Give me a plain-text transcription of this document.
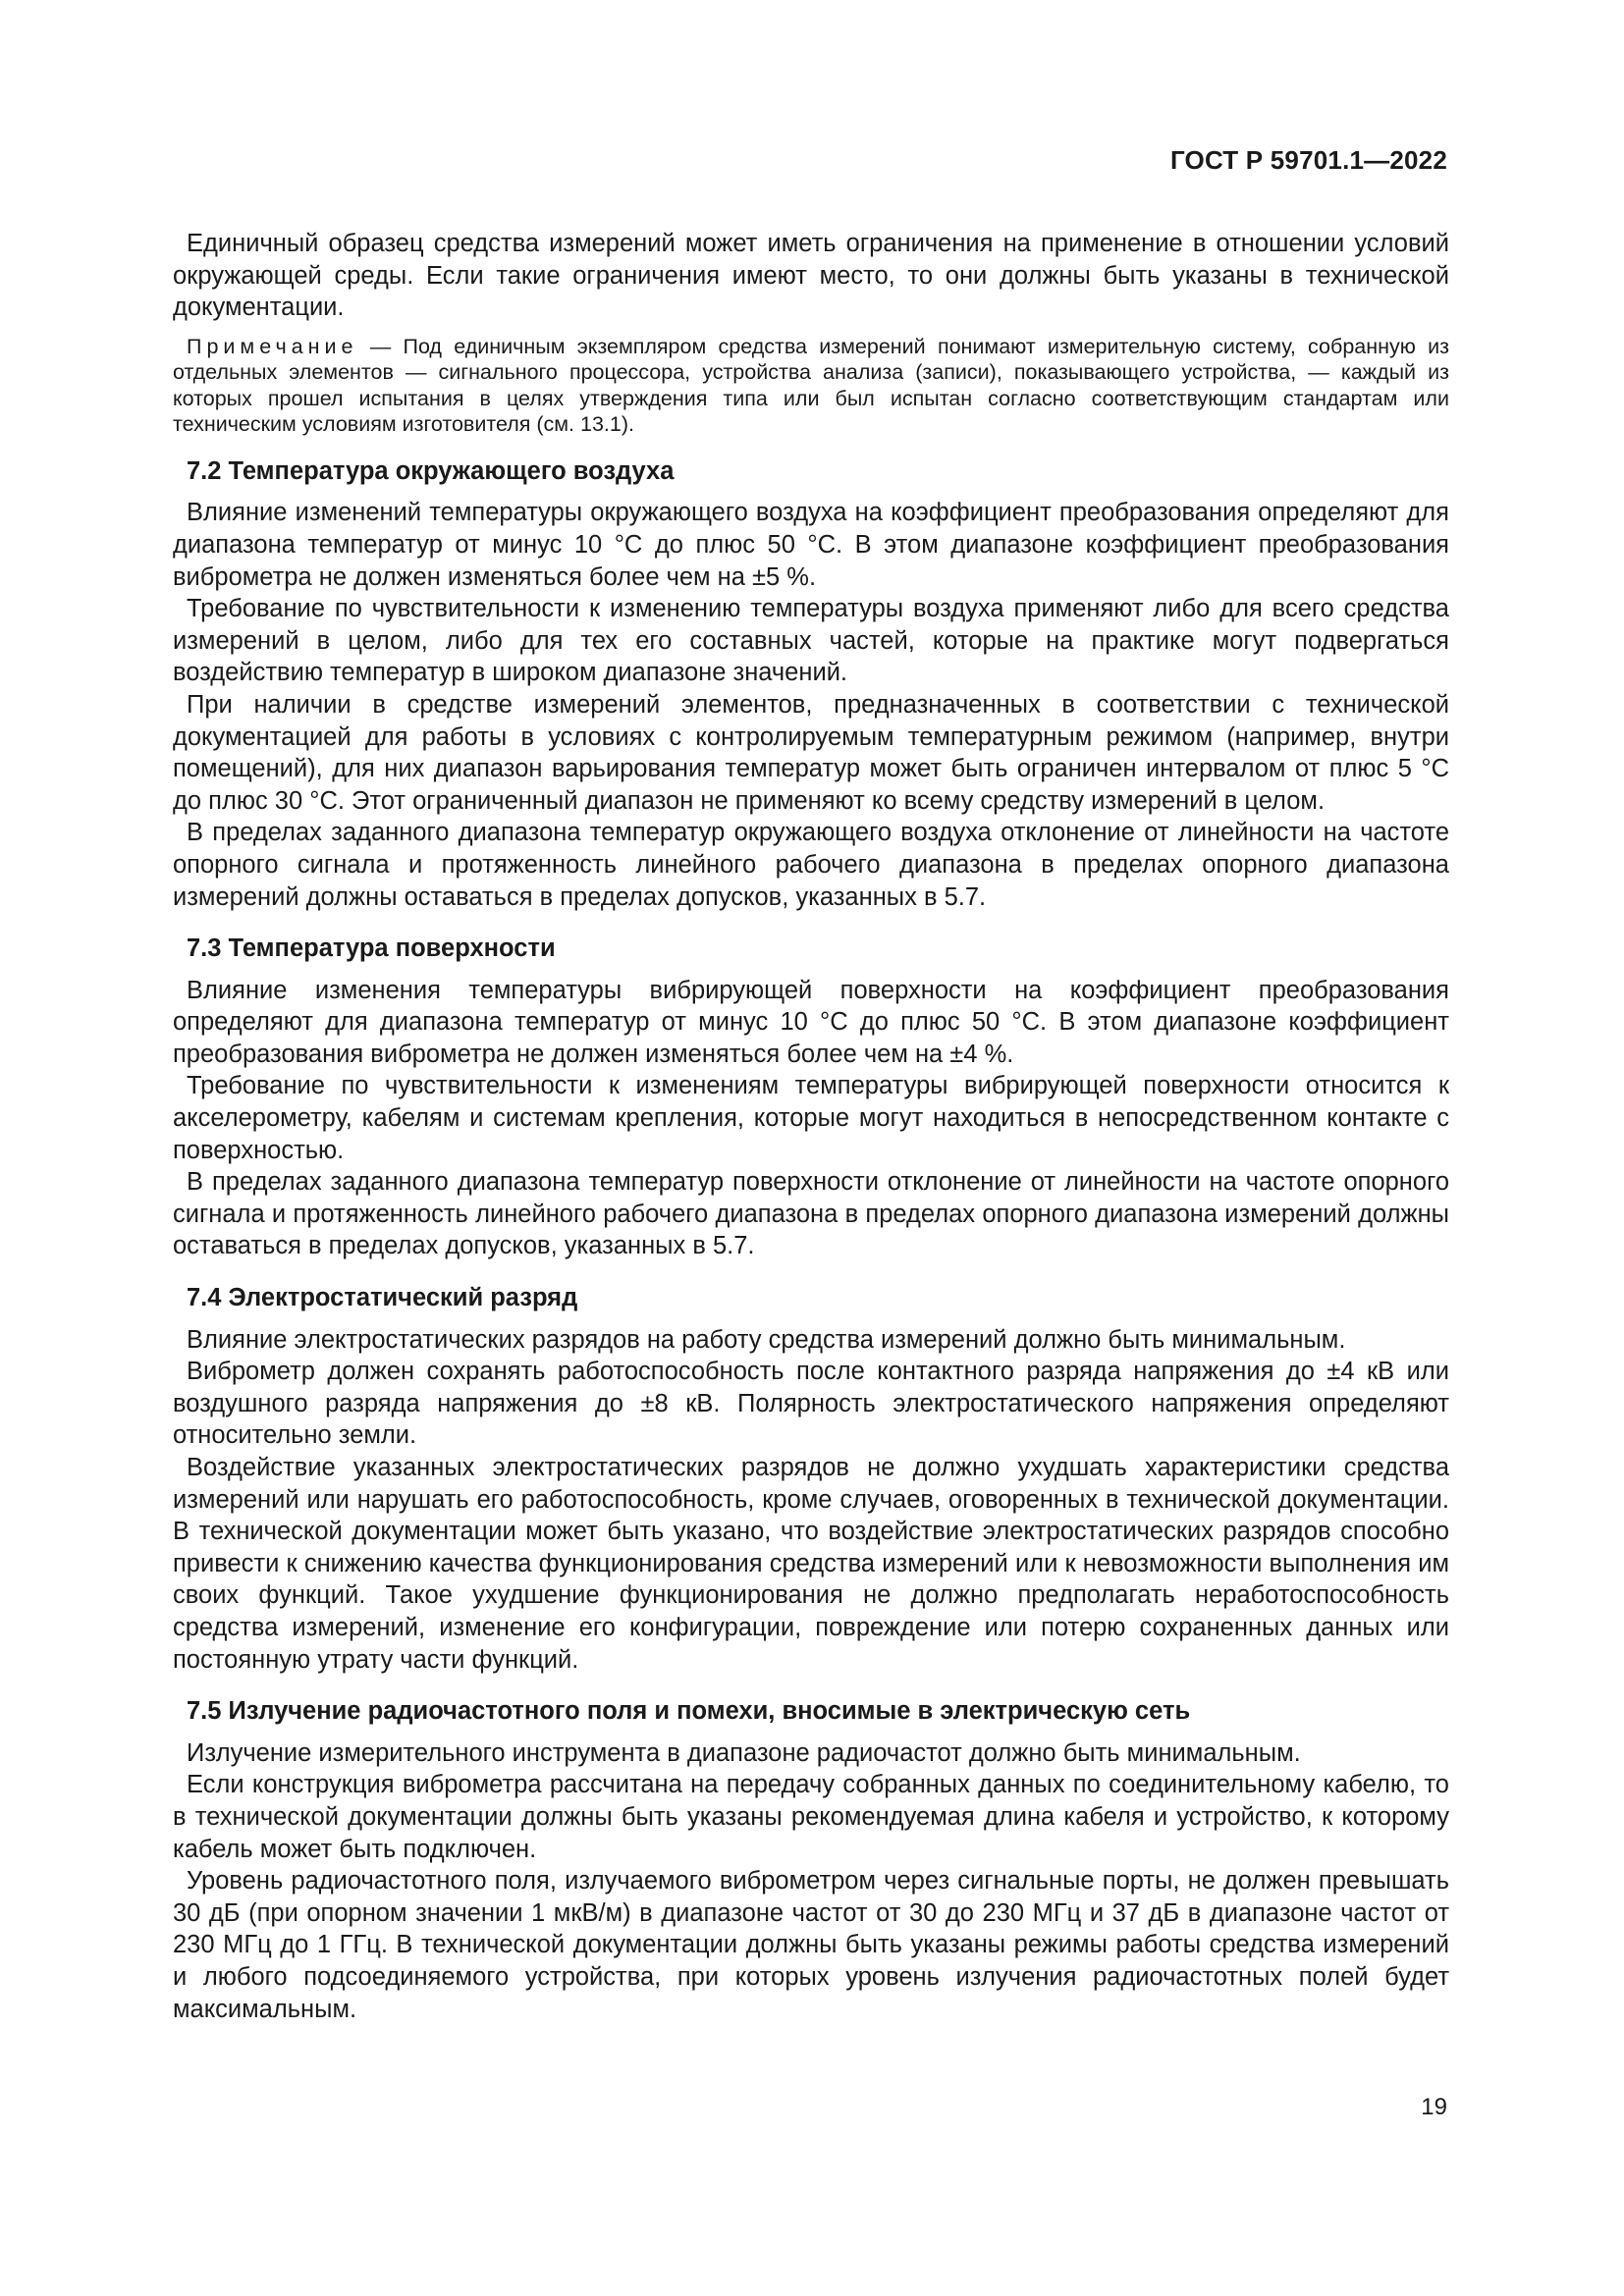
ГОСТ Р 59701.1—2022

Единичный образец средства измерений может иметь ограничения на применение в отношении условий окружающей среды. Если такие ограничения имеют место, то они должны быть указаны в технической документации.

Примечание — Под единичным экземпляром средства измерений понимают измерительную систему, собранную из отдельных элементов — сигнального процессора, устройства анализа (записи), показывающего устройства, — каждый из которых прошел испытания в целях утверждения типа или был испытан согласно соответствующим стандартам или техническим условиям изготовителя (см. 13.1).

7.2 Температура окружающего воздуха

Влияние изменений температуры окружающего воздуха на коэффициент преобразования определяют для диапазона температур от минус 10 °C до плюс 50 °C. В этом диапазоне коэффициент преобразования виброметра не должен изменяться более чем на ±5 %.

Требование по чувствительности к изменению температуры воздуха применяют либо для всего средства измерений в целом, либо для тех его составных частей, которые на практике могут подвергаться воздействию температур в широком диапазоне значений.

При наличии в средстве измерений элементов, предназначенных в соответствии с технической документацией для работы в условиях с контролируемым температурным режимом (например, внутри помещений), для них диапазон варьирования температур может быть ограничен интервалом от плюс 5 °C до плюс 30 °C. Этот ограниченный диапазон не применяют ко всему средству измерений в целом.

В пределах заданного диапазона температур окружающего воздуха отклонение от линейности на частоте опорного сигнала и протяженность линейного рабочего диапазона в пределах опорного диапазона измерений должны оставаться в пределах допусков, указанных в 5.7.

7.3 Температура поверхности

Влияние изменения температуры вибрирующей поверхности на коэффициент преобразования определяют для диапазона температур от минус 10 °C до плюс 50 °C. В этом диапазоне коэффициент преобразования виброметра не должен изменяться более чем на ±4 %.

Требование по чувствительности к изменениям температуры вибрирующей поверхности относится к акселерометру, кабелям и системам крепления, которые могут находиться в непосредственном контакте с поверхностью.

В пределах заданного диапазона температур поверхности отклонение от линейности на частоте опорного сигнала и протяженность линейного рабочего диапазона в пределах опорного диапазона измерений должны оставаться в пределах допусков, указанных в 5.7.

7.4 Электростатический разряд

Влияние электростатических разрядов на работу средства измерений должно быть минимальным.

Виброметр должен сохранять работоспособность после контактного разряда напряжения до ±4 кВ или воздушного разряда напряжения до ±8 кВ. Полярность электростатического напряжения определяют относительно земли.

Воздействие указанных электростатических разрядов не должно ухудшать характеристики средства измерений или нарушать его работоспособность, кроме случаев, оговоренных в технической документации. В технической документации может быть указано, что воздействие электростатических разрядов способно привести к снижению качества функционирования средства измерений или к невозможности выполнения им своих функций. Такое ухудшение функционирования не должно предполагать неработоспособность средства измерений, изменение его конфигурации, повреждение или потерю сохраненных данных или постоянную утрату части функций.

7.5 Излучение радиочастотного поля и помехи, вносимые в электрическую сеть

Излучение измерительного инструмента в диапазоне радиочастот должно быть минимальным.

Если конструкция виброметра рассчитана на передачу собранных данных по соединительному кабелю, то в технической документации должны быть указаны рекомендуемая длина кабеля и устройство, к которому кабель может быть подключен.

Уровень радиочастотного поля, излучаемого виброметром через сигнальные порты, не должен превышать 30 дБ (при опорном значении 1 мкВ/м) в диапазоне частот от 30 до 230 МГц и 37 дБ в диапазоне частот от 230 МГц до 1 ГГц. В технической документации должны быть указаны режимы работы средства измерений и любого подсоединяемого устройства, при которых уровень излучения радиочастотных полей будет максимальным.

19
